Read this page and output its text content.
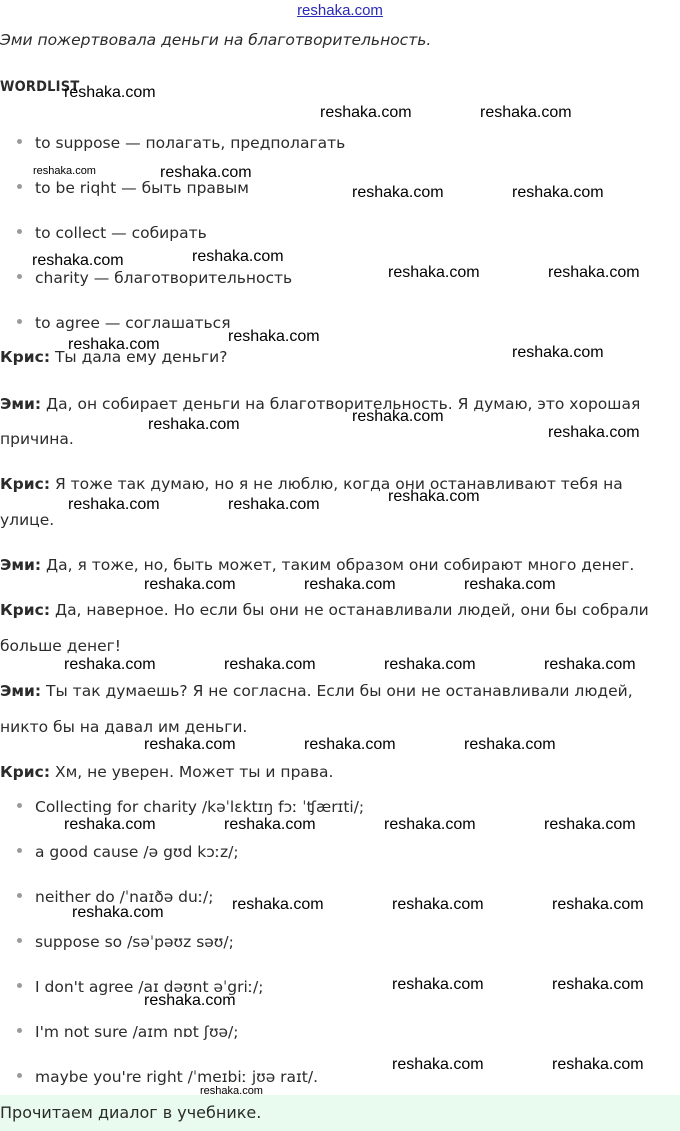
reshaka.com
Эми пожертвовала деньги на благотворительность.
WORDLIST
to suppose — полагать, предполагать
to be riqht — быть правым
to collect — собирать
charity — благотворительность
to agree — соглашаться
Крис: Ты дала ему деньги?
Эми: Да, он собирает деньги на благотворительность. Я думаю, это хорошая
причина.
Крис: Я тоже так думаю, но я не люблю, когда они останавливают тебя на
улице.
Эми: Да, я тоже, но, быть может, таким образом они собирают много денег.
Крис: Да, наверное. Но если бы они не останавливали людей, они бы собрали
больше денег!
Эми: Ты так думаешь? Я не согласна. Если бы они не останавливали людей,
никто бы на давал им деньги.
Крис: Хм, не уверен. Может ты и права.
Collecting for charity /kəˈlɛktɪŋ fɔː ˈʧærɪti/;
a good cause /ə gʊd kɔːz/;
neither do /ˈnaɪðə duː/;
suppose so /səˈpəʊz səʊ/;
I don't agree /aɪ dəʊnt əˈgriː/;
I'm not sure /aɪm nɒt ʃʊə/;
maybe you're right /ˈmeɪbiː jʊə raɪt/.
Прочитаем диалог в учебнике.
reshaka.com
reshaka.com	reshaka.com
reshaka.com	reshaka.com
reshaka.com	reshaka.com
reshaka.com
reshaka.com
reshaka.com	reshaka.com
reshaka.com
reshaka.com	reshaka.com
reshaka.com
reshaka.com	reshaka.com
reshaka.com
reshaka.com	reshaka.com
reshaka.com	reshaka.com	reshaka.com
reshaka.com	reshaka.com	reshaka.com	reshaka.com
reshaka.com	reshaka.com	reshaka.com
reshaka.com	reshaka.com	reshaka.com	reshaka.com
reshaka.com	reshaka.com	reshaka.com
reshaka.com
reshaka.com	reshaka.com
reshaka.com
reshaka.com	reshaka.com
reshaka.com
